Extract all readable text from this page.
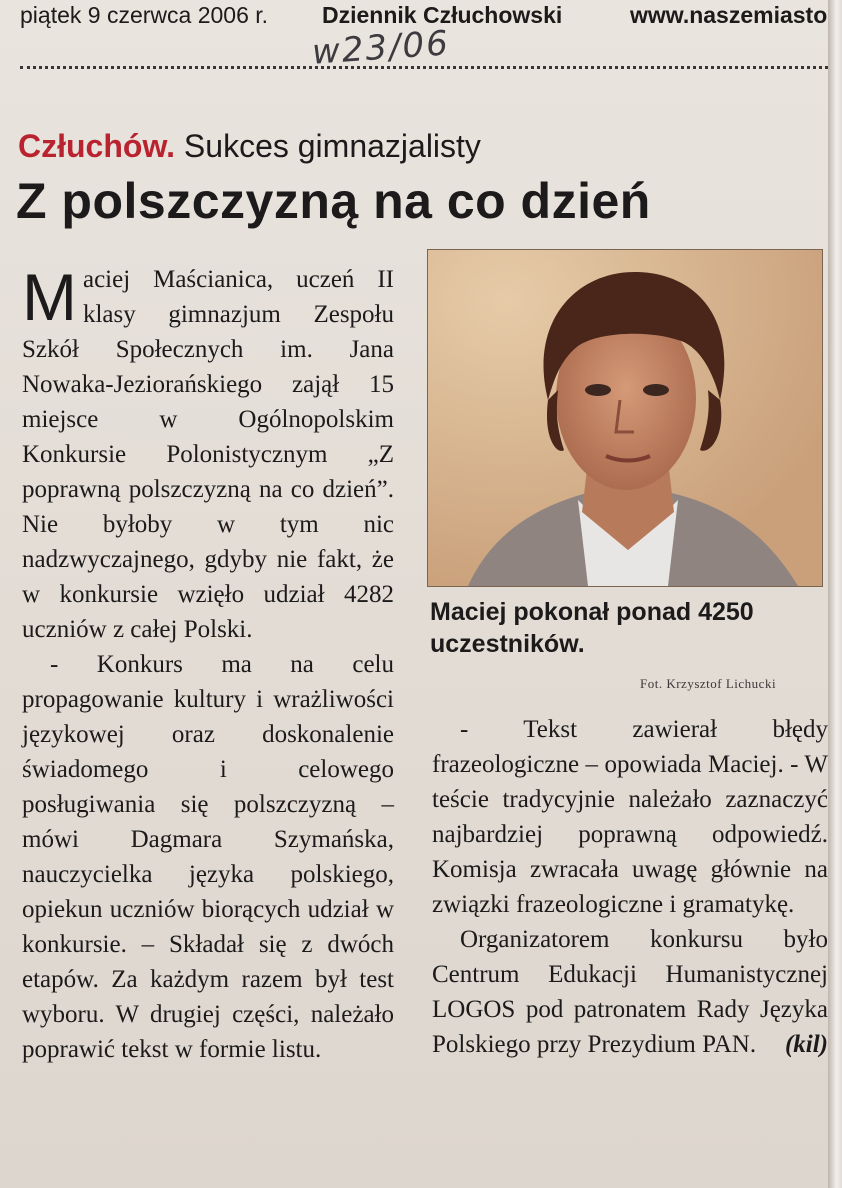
piątek 9 czerwca 2006 r. Dziennik Człuchowski	www.naszemiasto
w23/06
Człuchów. Sukces gimnazjalisty
Z polszczyzną na co dzień

Maciej Maścianica, uczeń II klasy gimnazjum Zespołu Szkół Społecznych im. Jana Nowaka-Jeziorańskiego zajął 15 miejsce w Ogólnopolskim Konkursie Polonistycznym „Z poprawną polszczyzną na co dzień”. Nie byłoby w tym nic nadzwyczajnego, gdyby nie fakt, że w konkursie wzięło udział 4282 uczniów z całej Polski.

- Konkurs ma na celu propagowanie kultury i wrażliwości językowej oraz doskonalenie świadomego i celowego posługiwania się polszczyzną – mówi Dagmara Szymańska, nauczycielka języka polskiego, opiekun uczniów biorących udział w konkursie. – Składał się z dwóch etapów. Za każdym razem był test wyboru. W drugiej części, należało poprawić tekst w formie listu.

Maciej pokonał ponad 4250 uczestników.
Fot. Krzysztof Lichucki

- Tekst zawierał błędy frazeologiczne – opowiada Maciej. - W teście tradycyjnie należało zaznaczyć najbardziej poprawną odpowiedź. Komisja zwracała uwagę głównie na związki frazeologiczne i gramatykę.

Organizatorem konkursu było Centrum Edukacji Humanistycznej LOGOS pod patronatem Rady Języka Polskiego przy Prezydium PAN.	(kil)
